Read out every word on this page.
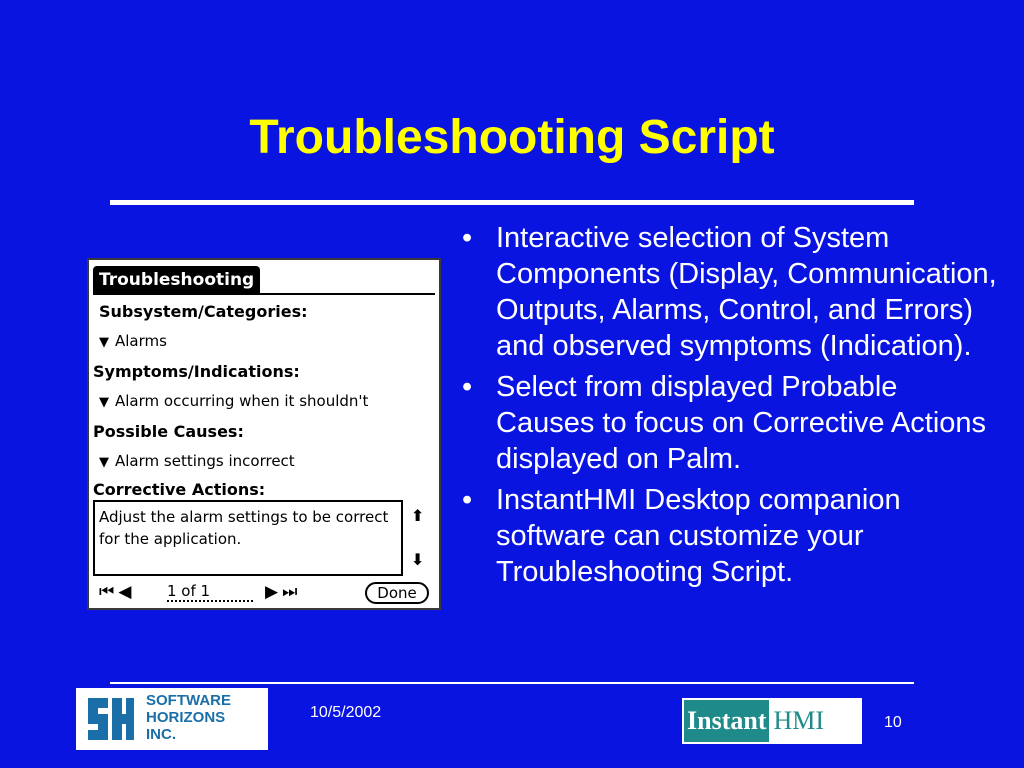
Troubleshooting Script
Troubleshooting
Subsystem/Categories:
▼ Alarms
Symptoms/Indications:
▼ Alarm occurring when it shouldn't
Possible Causes:
▼ Alarm settings incorrect
Corrective Actions:
Adjust the alarm settings to be correct for the application.
⬆
⬇
⏮ ◀ 1 of 1	▶ ⏭	Done
• Interactive selection of System Components (Display, Communication, Outputs, Alarms, Control, and Errors) and observed symptoms (Indication).
• Select from displayed Probable Causes to focus on Corrective Actions displayed on Palm.
• InstantHMI Desktop companion software can customize your Troubleshooting Script.
SOFTWARE
HORIZONS
INC.
10/5/2002	Instant HMI	10
